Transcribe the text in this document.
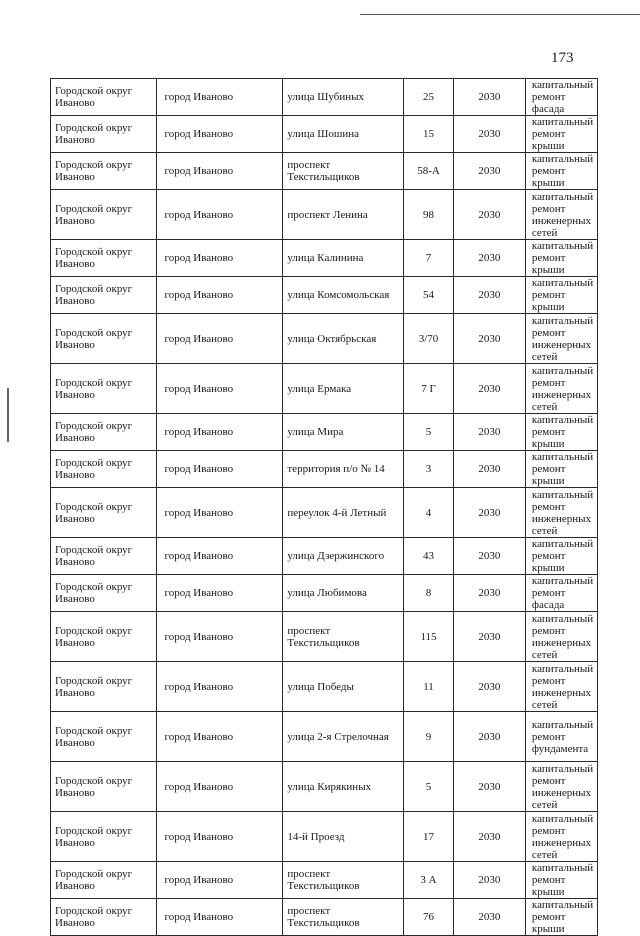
173
Городской округ Иваново	город Иваново	улица Шубиных	25	2030	капитальный ремонт фасада
Городской округ Иваново	город Иваново	улица Шошина	15	2030	капитальный ремонт крыши
Городской округ Иваново	город Иваново	проспект Текстильщиков	58-А	2030	капитальный ремонт крыши
Городской округ Иваново	город Иваново	проспект Ленина	98	2030	капитальный ремонт инженерных сетей
Городской округ Иваново	город Иваново	улица Калинина	7	2030	капитальный ремонт крыши
Городской округ Иваново	город Иваново	улица Комсомольская	54	2030	капитальный ремонт крыши
Городской округ Иваново	город Иваново	улица Октябрьская	3/70	2030	капитальный ремонт инженерных сетей
Городской округ Иваново	город Иваново	улица Ермака	7 Г	2030	капитальный ремонт инженерных сетей
Городской округ Иваново	город Иваново	улица Мира	5	2030	капитальный ремонт крыши
Городской округ Иваново	город Иваново	территория п/о № 14	3	2030	капитальный ремонт крыши
Городской округ Иваново	город Иваново	переулок 4-й Летный	4	2030	капитальный ремонт инженерных сетей
Городской округ Иваново	город Иваново	улица Дзержинского	43	2030	капитальный ремонт крыши
Городской округ Иваново	город Иваново	улица Любимова	8	2030	капитальный ремонт фасада
Городской округ Иваново	город Иваново	проспект Текстильщиков	115	2030	капитальный ремонт инженерных сетей
Городской округ Иваново	город Иваново	улица Победы	11	2030	капитальный ремонт инженерных сетей
Городской округ Иваново	город Иваново	улица 2-я Стрелочная	9	2030	капитальный ремонт фундамента
Городской округ Иваново	город Иваново	улица Кирякиных	5	2030	капитальный ремонт инженерных сетей
Городской округ Иваново	город Иваново	14-й Проезд	17	2030	капитальный ремонт инженерных сетей
Городской округ Иваново	город Иваново	проспект Текстильщиков	3 А	2030	капитальный ремонт крыши
Городской округ Иваново	город Иваново	проспект Текстильщиков	76	2030	капитальный ремонт крыши
